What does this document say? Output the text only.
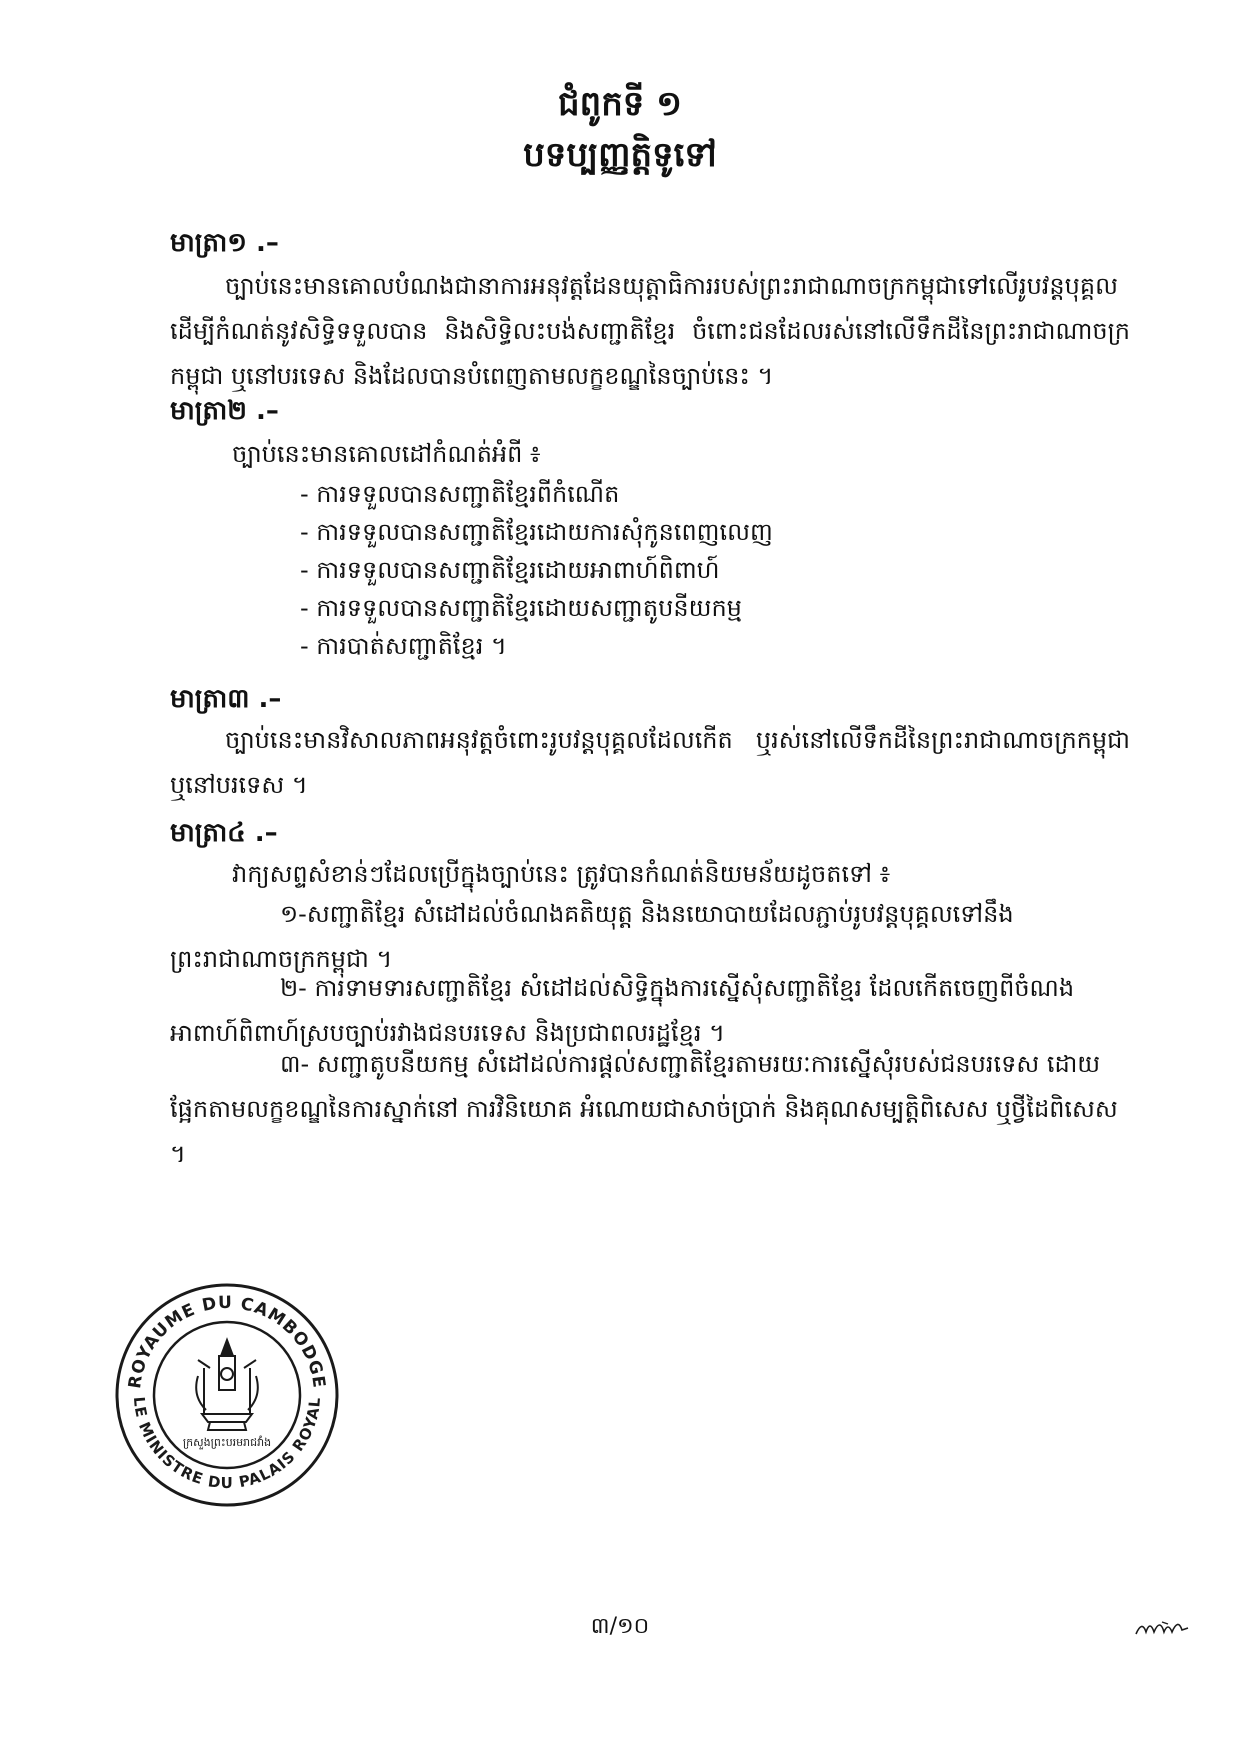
ជំពូកទី ១
បទប្បញ្ញត្តិទូទៅ
មាត្រា១ .–
ច្បាប់នេះមានគោលបំណងជានាការអនុវត្តដែនយុត្តាធិការរបស់ព្រះរាជាណាចក្រកម្ពុជាទៅលើរូបវន្តបុគ្គល ដើម្បីកំណត់នូវសិទ្ធិទទួលបាន និងសិទ្ធិលះបង់សញ្ជាតិខ្មែរ ចំពោះជនដែលរស់នៅលើទឹកដីនៃព្រះរាជាណាចក្រកម្ពុជា ឬនៅបរទេស និងដែលបានបំពេញតាមលក្ខខណ្ឌនៃច្បាប់នេះ ។
មាត្រា២ .–
ច្បាប់នេះមានគោលដៅកំណត់អំពី ៖
- ការទទួលបានសញ្ជាតិខ្មែរពីកំណើត
- ការទទួលបានសញ្ជាតិខ្មែរដោយការសុំកូនពេញលេញ
- ការទទួលបានសញ្ជាតិខ្មែរដោយអាពាហ៍ពិពាហ៍
- ការទទួលបានសញ្ជាតិខ្មែរដោយសញ្ជាតូបនីយកម្ម
- ការបាត់សញ្ជាតិខ្មែរ ។
មាត្រា៣ .–
ច្បាប់នេះមានវិសាលភាពអនុវត្តចំពោះរូបវន្តបុគ្គលដែលកើត ឬរស់នៅលើទឹកដីនៃព្រះរាជាណាចក្រកម្ពុជា ឬនៅបរទេស ។
មាត្រា៤ .–
វាក្យសព្ទសំខាន់ៗដែលប្រើក្នុងច្បាប់នេះ ត្រូវបានកំណត់និយមន័យដូចតទៅ ៖
១-សញ្ជាតិខ្មែរ សំដៅដល់ចំណងគតិយុត្ត និងនយោបាយដែលភ្ជាប់រូបវន្តបុគ្គលទៅនឹងព្រះរាជាណាចក្រកម្ពុជា ។
២- ការទាមទារសញ្ជាតិខ្មែរ សំដៅដល់សិទ្ធិក្នុងការស្នើសុំសញ្ជាតិខ្មែរ ដែលកើតចេញពីចំណងអាពាហ៍ពិពាហ៍ស្របច្បាប់រវាងជនបរទេស និងប្រជាពលរដ្ឋខ្មែរ ។
៣- សញ្ជាតូបនីយកម្ម សំដៅដល់ការផ្តល់សញ្ជាតិខ្មែរតាមរយៈការស្នើសុំរបស់ជនបរទេស ដោយផ្អែកតាមលក្ខខណ្ឌនៃការស្នាក់នៅ ការវិនិយោគ អំណោយជាសាច់ប្រាក់ និងគុណសម្បត្តិពិសេស ឬថ្វីដៃពិសេស ។
ROYAUME DU CAMBODGE
LE MINISTRE DU PALAIS ROYAL
ក្រសួងព្រះបរមរាជវាំង
៣/១០
